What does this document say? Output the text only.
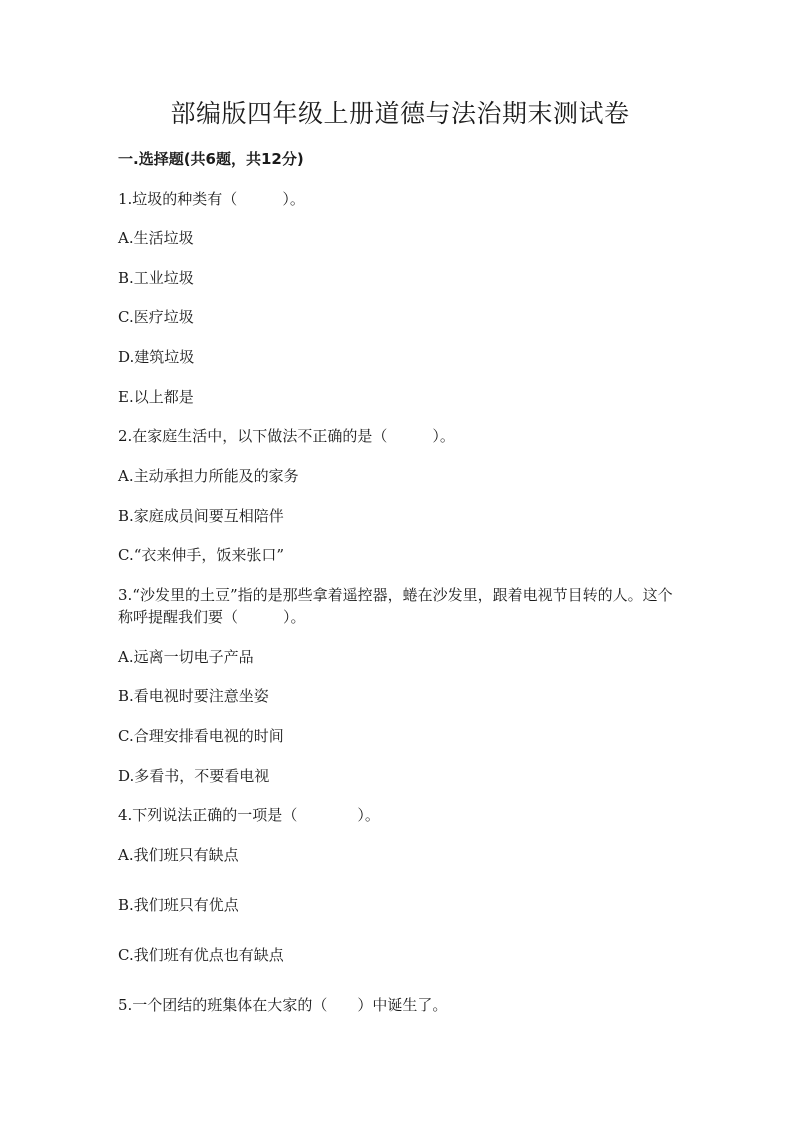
部编版四年级上册道德与法治期末测试卷
一.选择题(共6题，共12分)
1.垃圾的种类有（　　　）。
A.生活垃圾
B.工业垃圾
C.医疗垃圾
D.建筑垃圾
E.以上都是
2.在家庭生活中，以下做法不正确的是（　　　）。
A.主动承担力所能及的家务
B.家庭成员间要互相陪伴
C.“衣来伸手，饭来张口”
3.“沙发里的土豆”指的是那些拿着遥控器，蜷在沙发里，跟着电视节目转的人。这个称呼提醒我们要（　　　）。
A.远离一切电子产品
B.看电视时要注意坐姿
C.合理安排看电视的时间
D.多看书，不要看电视
4.下列说法正确的一项是（　　　　）。
A.我们班只有缺点
B.我们班只有优点
C.我们班有优点也有缺点
5.一个团结的班集体在大家的（　　）中诞生了。
